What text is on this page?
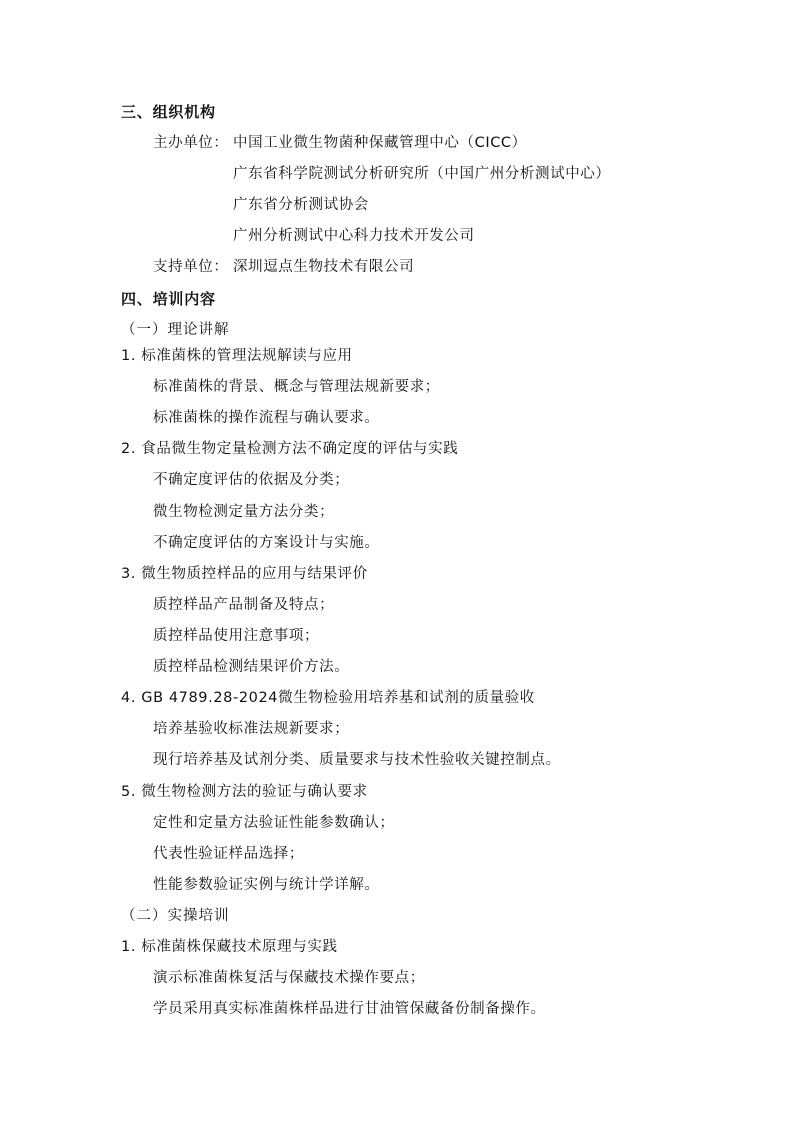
三、组织机构
主办单位： 中国工业微生物菌种保藏管理中心（CICC）
广东省科学院测试分析研究所（中国广州分析测试中心）
广东省分析测试协会
广州分析测试中心科力技术开发公司
支持单位： 深圳逗点生物技术有限公司
四、培训内容
（一）理论讲解
1. 标准菌株的管理法规解读与应用
标准菌株的背景、概念与管理法规新要求；
标准菌株的操作流程与确认要求。
2. 食品微生物定量检测方法不确定度的评估与实践
不确定度评估的依据及分类；
微生物检测定量方法分类；
不确定度评估的方案设计与实施。
3. 微生物质控样品的应用与结果评价
质控样品产品制备及特点；
质控样品使用注意事项；
质控样品检测结果评价方法。
4. GB 4789.28-2024微生物检验用培养基和试剂的质量验收
培养基验收标准法规新要求；
现行培养基及试剂分类、质量要求与技术性验收关键控制点。
5. 微生物检测方法的验证与确认要求
定性和定量方法验证性能参数确认；
代表性验证样品选择；
性能参数验证实例与统计学详解。
（二）实操培训
1. 标准菌株保藏技术原理与实践
演示标准菌株复活与保藏技术操作要点；
学员采用真实标准菌株样品进行甘油管保藏备份制备操作。
